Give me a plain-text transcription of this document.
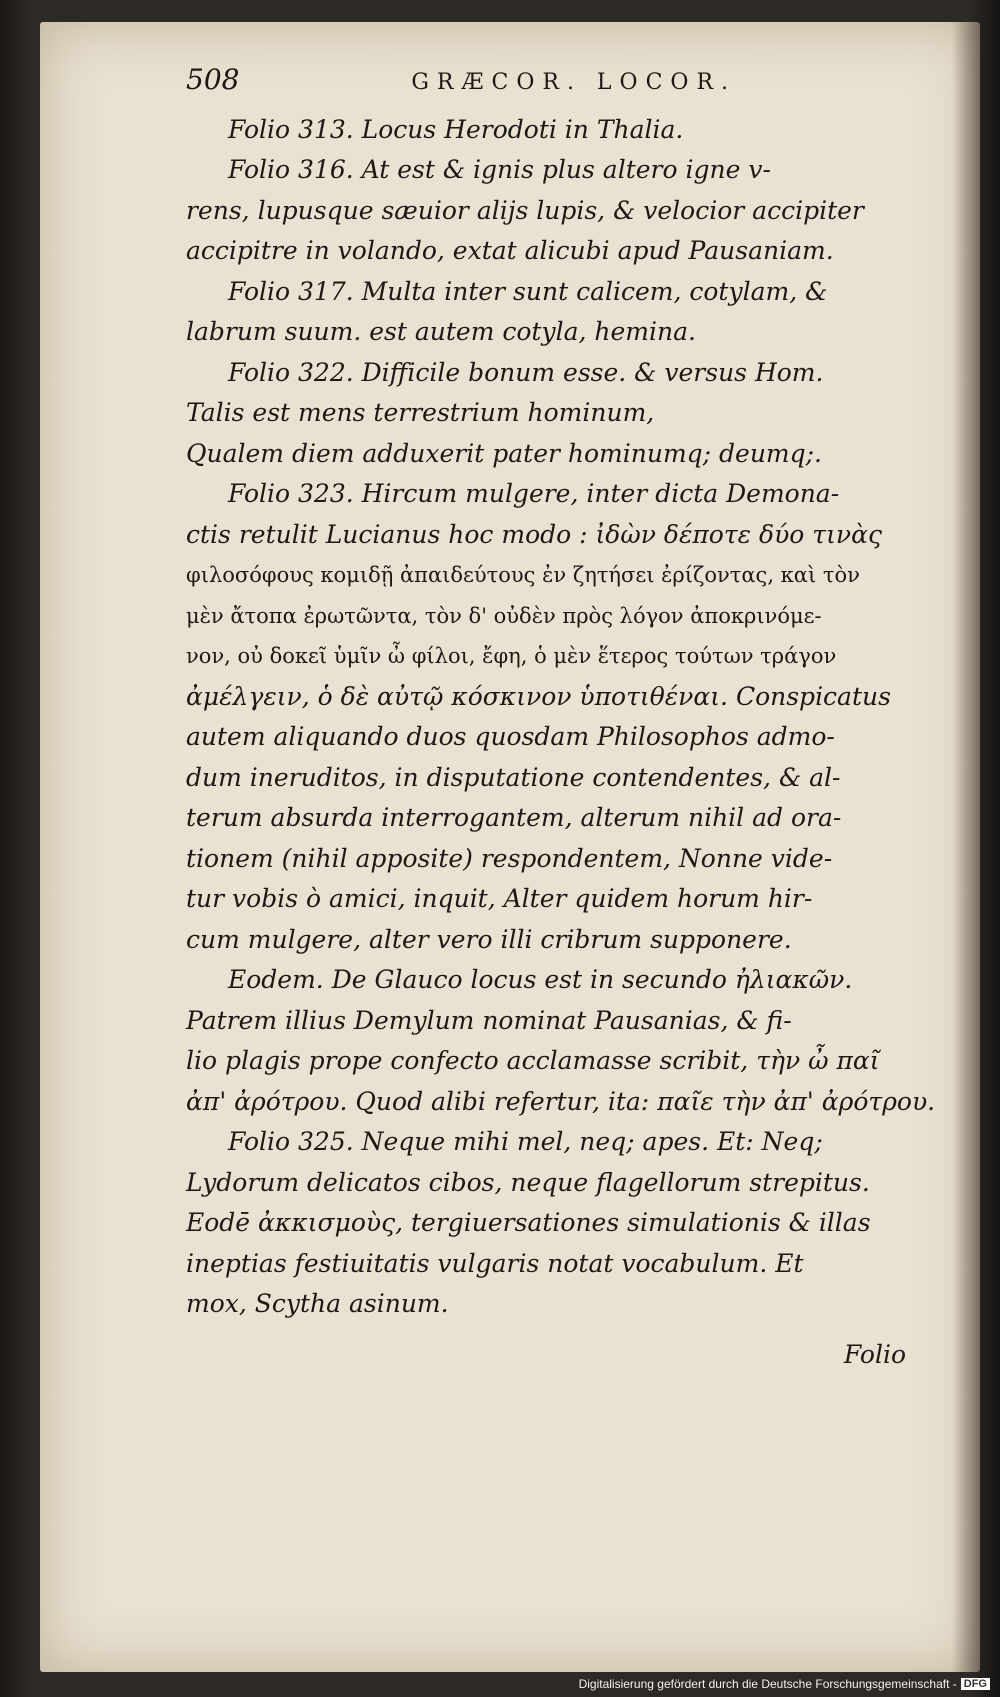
508	GRÆCOR. LOCOR.
Folio 313. Locus Herodoti in Thalia.
Folio 316. At est & ignis plus altero igne v-
rens, lupusque sæuior alijs lupis, & velocior accipiter
accipitre in volando, extat alicubi apud Pausaniam.
Folio 317. Multa inter sunt calicem, cotylam, &
labrum suum. est autem cotyla, hemina.
Folio 322. Difficile bonum esse. & versus Hom.
Talis est mens terrestrium hominum,
Qualem diem adduxerit pater hominumq; deumq;.
Folio 323. Hircum mulgere, inter dicta Demona-
ctis retulit Lucianus hoc modo : ἰδὼν δέποτε δύο τινὰς
φιλοσόφους κομιδῇ ἀπαιδεύτους ἐν ζητήσει ἐρίζοντας, καὶ τὸν
μὲν ἄτοπα ἐρωτῶντα, τὸν δ' οὐδὲν πρὸς λόγον ἀποκρινόμε-
νον, οὐ δοκεῖ ὑμῖν ὦ φίλοι, ἔφη, ὁ μὲν ἕτερος τούτων τράγον
ἀμέλγειν, ὁ δὲ αὐτῷ κόσκινον ὑποτιθέναι. Conspicatus
autem aliquando duos quosdam Philosophos admo-
dum ineruditos, in disputatione contendentes, & al-
terum absurda interrogantem, alterum nihil ad ora-
tionem (nihil apposite) respondentem, Nonne vide-
tur vobis ò amici, inquit, Alter quidem horum hir-
cum mulgere, alter vero illi cribrum supponere.
Eodem. De Glauco locus est in secundo ἠλιακῶν.
Patrem illius Demylum nominat Pausanias, & fi-
lio plagis prope confecto acclamasse scribit, τὴν ὦ παῖ
ἀπ' ἀρότρου. Quod alibi refertur, ita: παῖε τὴν ἀπ' ἀρότρου.
Folio 325. Neque mihi mel, neq; apes. Et: Neq;
Lydorum delicatos cibos, neque flagellorum strepitus.
Eodē ἀκκισμοὺς, tergiuersationes simulationis & illas
ineptias festiuitatis vulgaris notat vocabulum. Et
mox, Scytha asinum.
Folio
Digitalisierung gefördert durch die Deutsche Forschungsgemeinschaft - DFG
